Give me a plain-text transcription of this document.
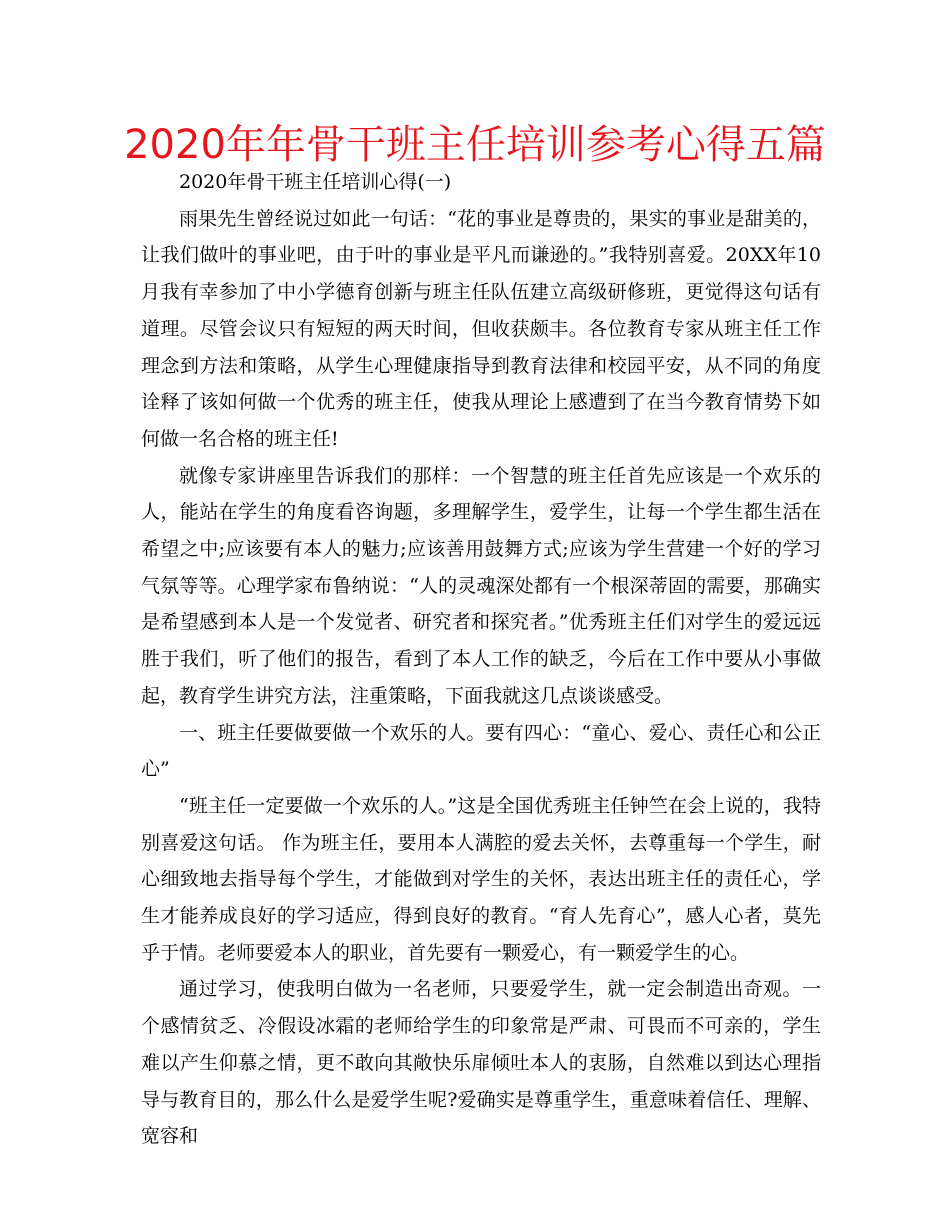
2020年年骨干班主任培训参考心得五篇

2020年骨干班主任培训心得(一)

雨果先生曾经说过如此一句话：“花的事业是尊贵的，果实的事业是甜美的，让我们做叶的事业吧，由于叶的事业是平凡而谦逊的。”我特别喜爱。20XX年10月我有幸参加了中小学德育创新与班主任队伍建立高级研修班，更觉得这句话有道理。尽管会议只有短短的两天时间，但收获颇丰。各位教育专家从班主任工作理念到方法和策略，从学生心理健康指导到教育法律和校园平安，从不同的角度诠释了该如何做一个优秀的班主任，使我从理论上感遭到了在当今教育情势下如何做一名合格的班主任!

就像专家讲座里告诉我们的那样：一个智慧的班主任首先应该是一个欢乐的人，能站在学生的角度看咨询题，多理解学生，爱学生，让每一个学生都生活在希望之中;应该要有本人的魅力;应该善用鼓舞方式;应该为学生营建一个好的学习气氛等等。心理学家布鲁纳说：“人的灵魂深处都有一个根深蒂固的需要，那确实是希望感到本人是一个发觉者、研究者和探究者。”优秀班主任们对学生的爱远远胜于我们，听了他们的报告，看到了本人工作的缺乏，今后在工作中要从小事做起，教育学生讲究方法，注重策略，下面我就这几点谈谈感受。

一、班主任要做要做一个欢乐的人。要有四心：“童心、爱心、责任心和公正心”

“班主任一定要做一个欢乐的人。”这是全国优秀班主任钟竺在会上说的，我特别喜爱这句话。 作为班主任，要用本人满腔的爱去关怀，去尊重每一个学生，耐心细致地去指导每个学生，才能做到对学生的关怀，表达出班主任的责任心，学生才能养成良好的学习适应，得到良好的教育。“育人先育心”，感人心者，莫先乎于情。老师要爱本人的职业，首先要有一颗爱心，有一颗爱学生的心。

通过学习，使我明白做为一名老师，只要爱学生，就一定会制造出奇观。一个感情贫乏、冷假设冰霜的老师给学生的印象常是严肃、可畏而不可亲的，学生难以产生仰慕之情，更不敢向其敞快乐扉倾吐本人的衷肠，自然难以到达心理指导与教育目的，那么什么是爱学生呢?爱确实是尊重学生，重意味着信任、理解、宽容和
